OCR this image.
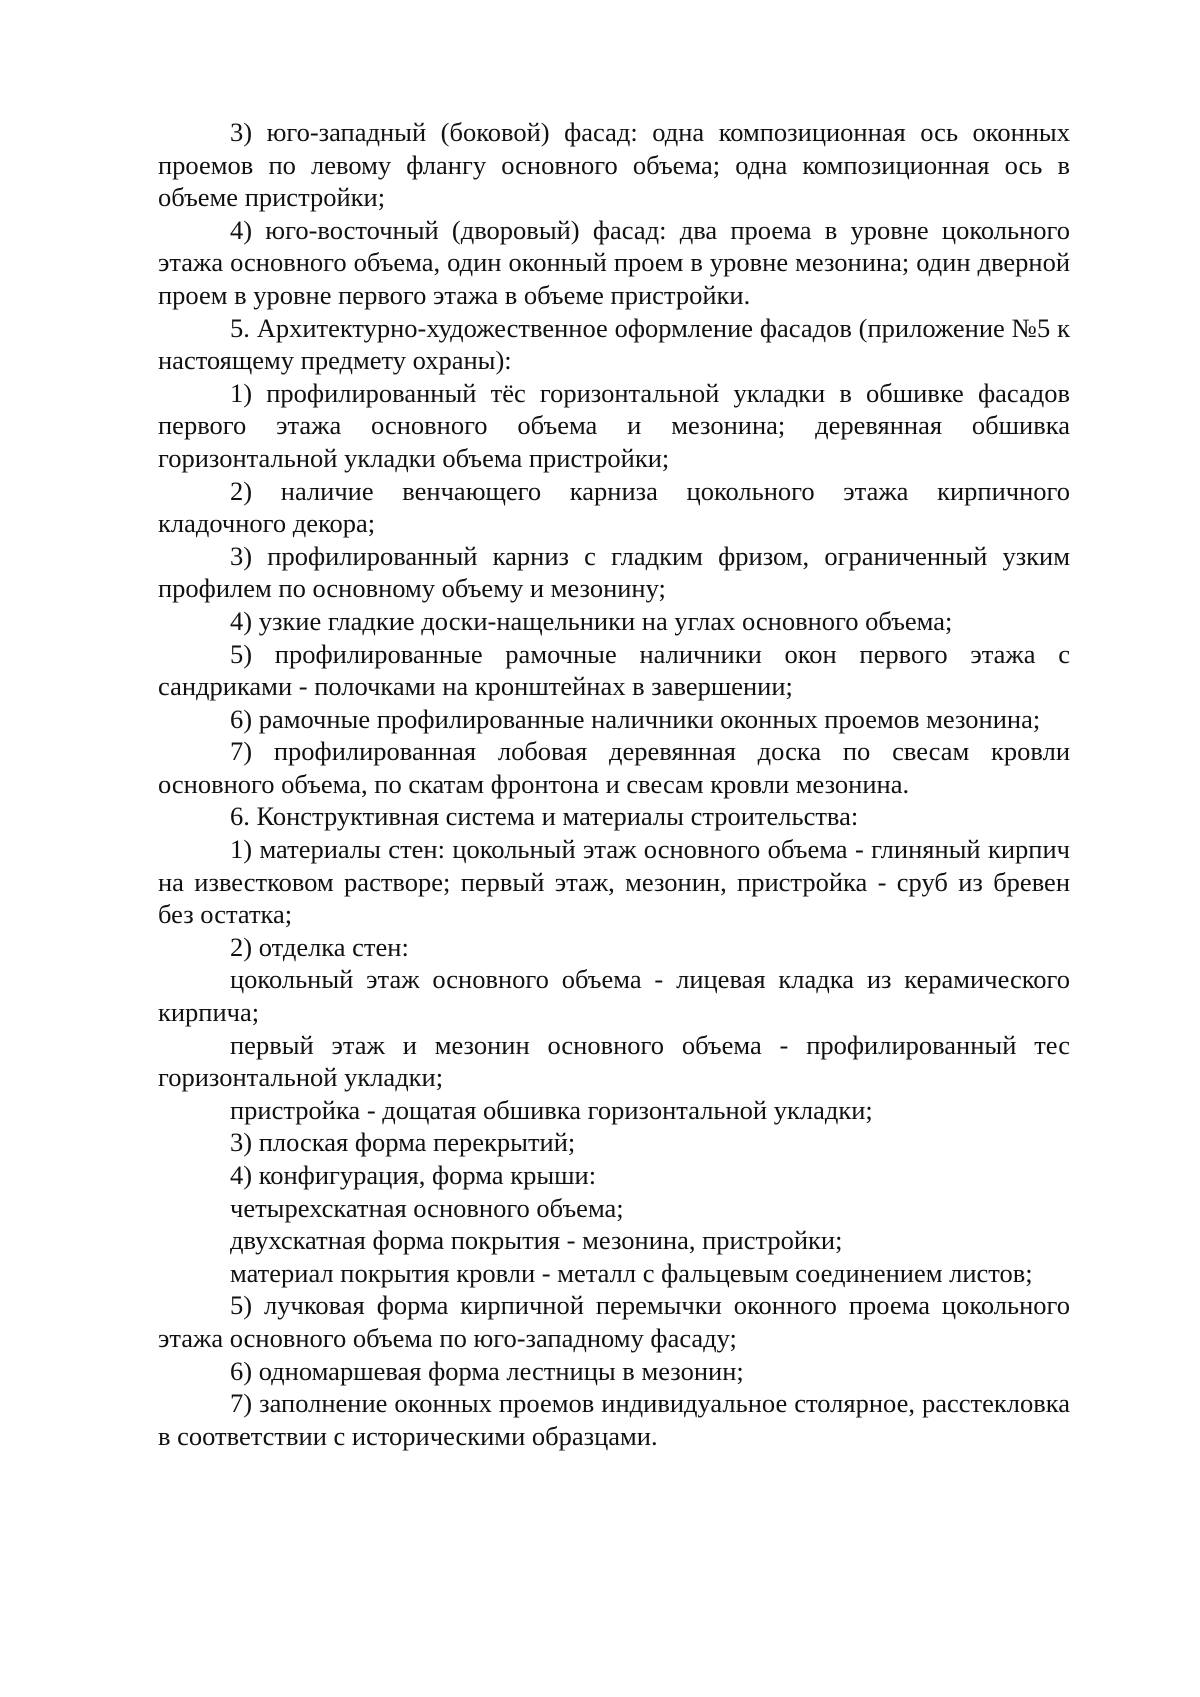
3) юго-западный (боковой) фасад: одна композиционная ось оконных проемов по левому флангу основного объема; одна композиционная ось в объеме пристройки;

4) юго-восточный (дворовый) фасад: два проема в уровне цокольного этажа основного объема, один оконный проем в уровне мезонина; один дверной проем в уровне первого этажа в объеме пристройки.

5. Архитектурно-художественное оформление фасадов (приложение №5 к настоящему предмету охраны):

1) профилированный тёс горизонтальной укладки в обшивке фасадов первого этажа основного объема и мезонина; деревянная обшивка горизонтальной укладки объема пристройки;

2) наличие венчающего карниза цокольного этажа кирпичного кладочного декора;

3) профилированный карниз с гладким фризом, ограниченный узким профилем по основному объему и мезонину;

4) узкие гладкие доски-нащельники на углах основного объема;

5) профилированные рамочные наличники окон первого этажа с сандриками - полочками на кронштейнах в завершении;

6) рамочные профилированные наличники оконных проемов мезонина;

7) профилированная лобовая деревянная доска по свесам кровли основного объема, по скатам фронтона и свесам кровли мезонина.

6. Конструктивная система и материалы строительства:

1) материалы стен: цокольный этаж основного объема - глиняный кирпич на известковом растворе; первый этаж, мезонин, пристройка - сруб из бревен без остатка;

2) отделка стен:

цокольный этаж основного объема - лицевая кладка из керамического кирпича;

первый этаж и мезонин основного объема - профилированный тес горизонтальной укладки;

пристройка - дощатая обшивка горизонтальной укладки;

3) плоская форма перекрытий;

4) конфигурация, форма крыши:

четырехскатная основного объема;

двухскатная форма покрытия - мезонина, пристройки;

материал покрытия кровли - металл с фальцевым соединением листов;

5) лучковая форма кирпичной перемычки оконного проема цокольного этажа основного объема по юго-западному фасаду;

6) одномаршевая форма лестницы в мезонин;

7) заполнение оконных проемов индивидуальное столярное, расстекловка в соответствии с историческими образцами.
